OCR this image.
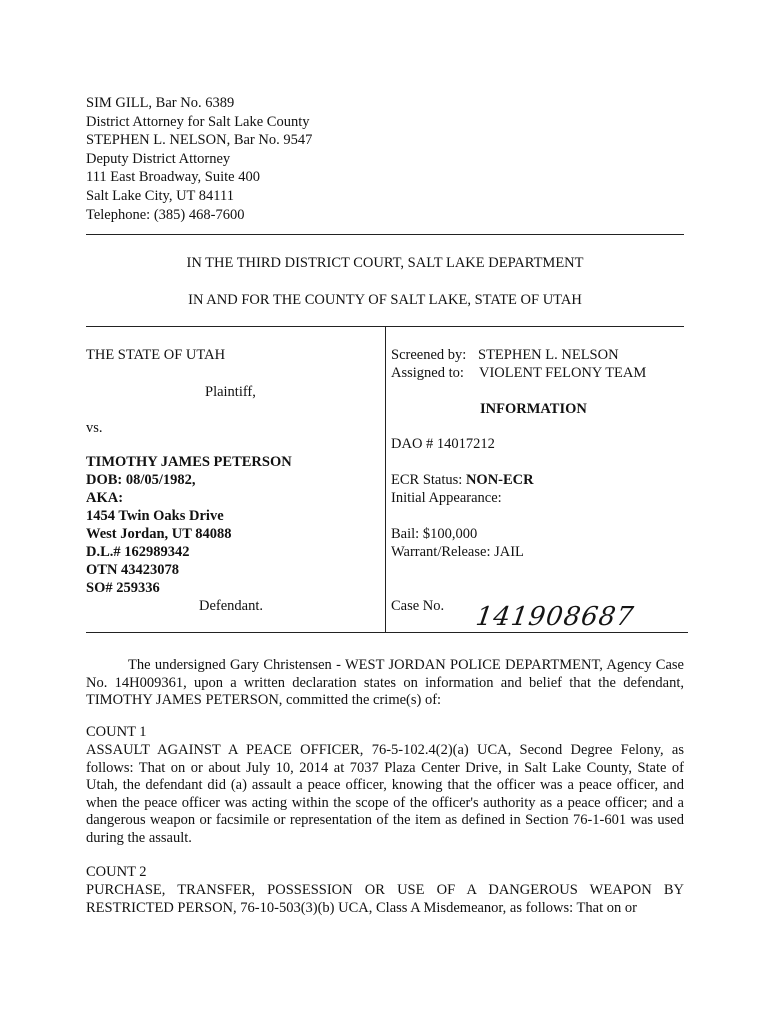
SIM GILL, Bar No. 6389
District Attorney for Salt Lake County
STEPHEN L. NELSON, Bar No. 9547
Deputy District Attorney
111 East Broadway, Suite 400
Salt Lake City, UT 84111
Telephone: (385) 468-7600
IN THE THIRD DISTRICT COURT, SALT LAKE DEPARTMENT
IN AND FOR THE COUNTY OF SALT LAKE, STATE OF UTAH
THE STATE OF UTAH
Plaintiff,
vs.
TIMOTHY JAMES PETERSON
DOB: 08/05/1982,
AKA:
1454 Twin Oaks Drive
West Jordan, UT 84088
D.L.# 162989342
OTN 43423078
SO# 259336
Defendant.
Screened by: STEPHEN L. NELSON
Assigned to: VIOLENT FELONY TEAM
INFORMATION
DAO # 14017212
ECR Status: NON-ECR
Initial Appearance:
Bail: $100,000
Warrant/Release: JAIL
Case No. 141908687
The undersigned Gary Christensen - WEST JORDAN POLICE DEPARTMENT, Agency Case No. 14H009361, upon a written declaration states on information and belief that the defendant, TIMOTHY JAMES PETERSON, committed the crime(s) of:
COUNT 1
ASSAULT AGAINST A PEACE OFFICER, 76-5-102.4(2)(a) UCA, Second Degree Felony, as follows: That on or about July 10, 2014 at 7037 Plaza Center Drive, in Salt Lake County, State of Utah, the defendant did (a) assault a peace officer, knowing that the officer was a peace officer, and when the peace officer was acting within the scope of the officer's authority as a peace officer; and a dangerous weapon or facsimile or representation of the item as defined in Section 76-1-601 was used during the assault.
COUNT 2
PURCHASE, TRANSFER, POSSESSION OR USE OF A DANGEROUS WEAPON BY RESTRICTED PERSON, 76-10-503(3)(b) UCA, Class A Misdemeanor, as follows: That on or
